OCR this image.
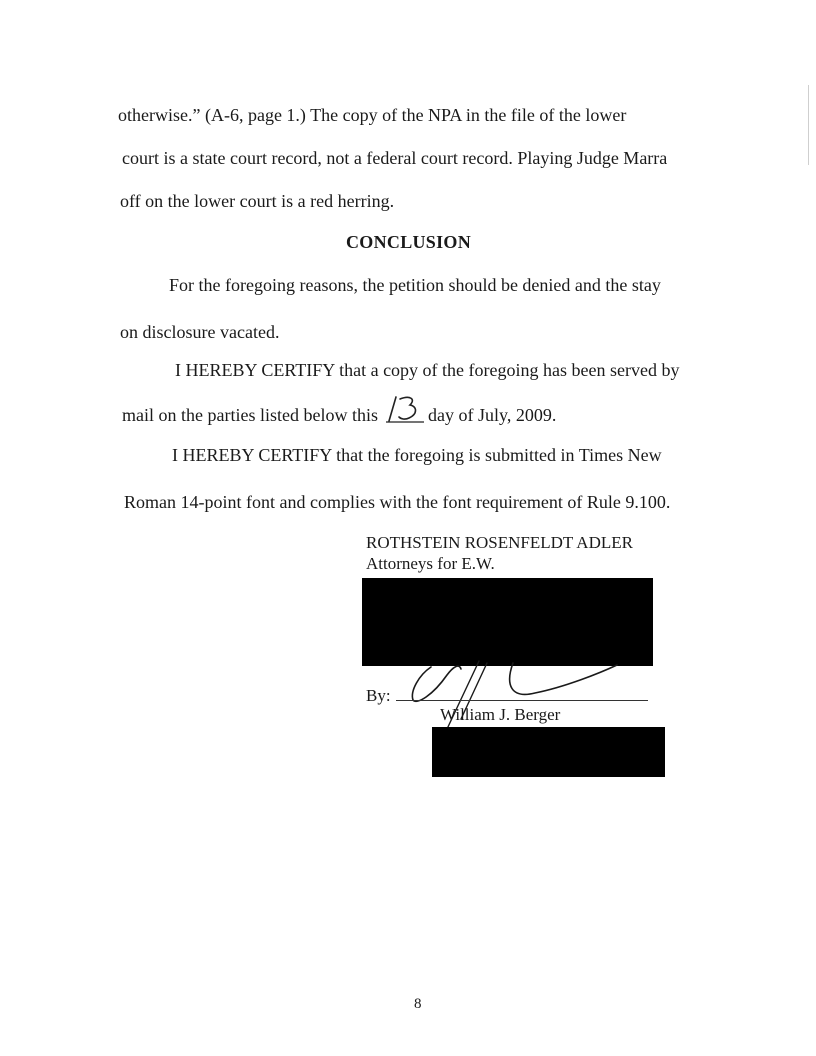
otherwise.” (A-6, page 1.) The copy of the NPA in the file of the lower
court is a state court record, not a federal court record. Playing Judge Marra
off on the lower court is a red herring.
CONCLUSION
For the foregoing reasons, the petition should be denied and the stay
on disclosure vacated.
I HEREBY CERTIFY that a copy of the foregoing has been served by
mail on the parties listed below this	day of July, 2009.
I HEREBY CERTIFY that the foregoing is submitted in Times New
Roman 14-point font and complies with the font requirement of Rule 9.100.
ROTHSTEIN ROSENFELDT ADLER
Attorneys for E.W.
By:
William J. Berger
8
